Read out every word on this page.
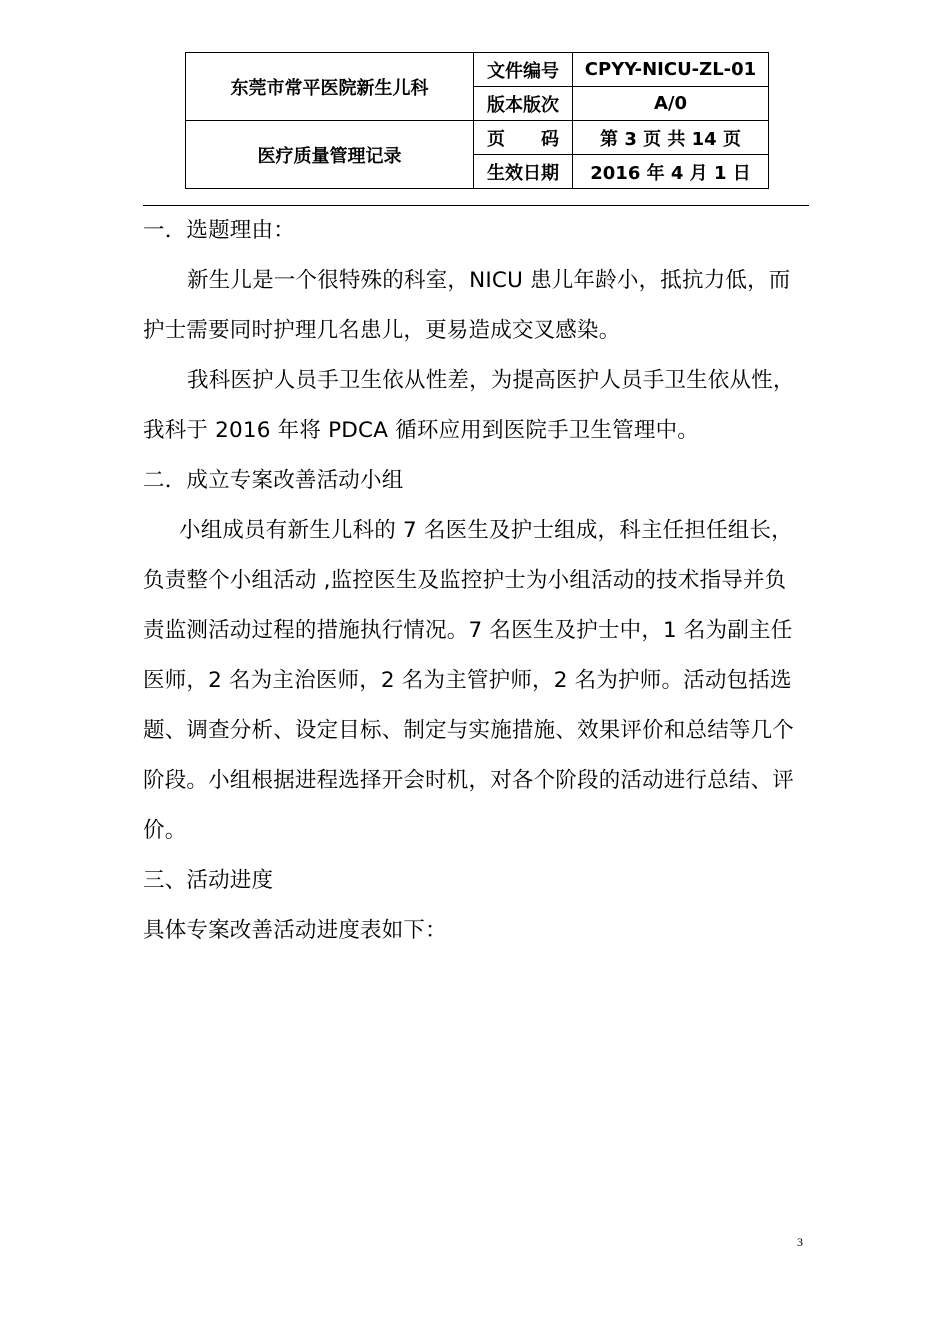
东莞市常平医院新生儿科	文件编号	CPYY-NICU-ZL-01
	版本版次	A/0
医疗质量管理记录	页 码	第 3 页 共 14 页
	生效日期	2016 年 4 月 1 日
一．选题理由：
新生儿是一个很特殊的科室，NICU 患儿年龄小，抵抗力低，而
护士需要同时护理几名患儿，更易造成交叉感染。
我科医护人员手卫生依从性差，为提高医护人员手卫生依从性，
我科于 2016 年将 PDCA 循环应用到医院手卫生管理中。
二．成立专案改善活动小组
小组成员有新生儿科的 7 名医生及护士组成，科主任担任组长，
负责整个小组活动 ,监控医生及监控护士为小组活动的技术指导并负
责监测活动过程的措施执行情况。7 名医生及护士中，1 名为副主任
医师，2 名为主治医师，2 名为主管护师，2 名为护师。活动包括选
题、调查分析、设定目标、制定与实施措施、效果评价和总结等几个
阶段。小组根据进程选择开会时机，对各个阶段的活动进行总结、评
价。
三、活动进度
具体专案改善活动进度表如下：
3
